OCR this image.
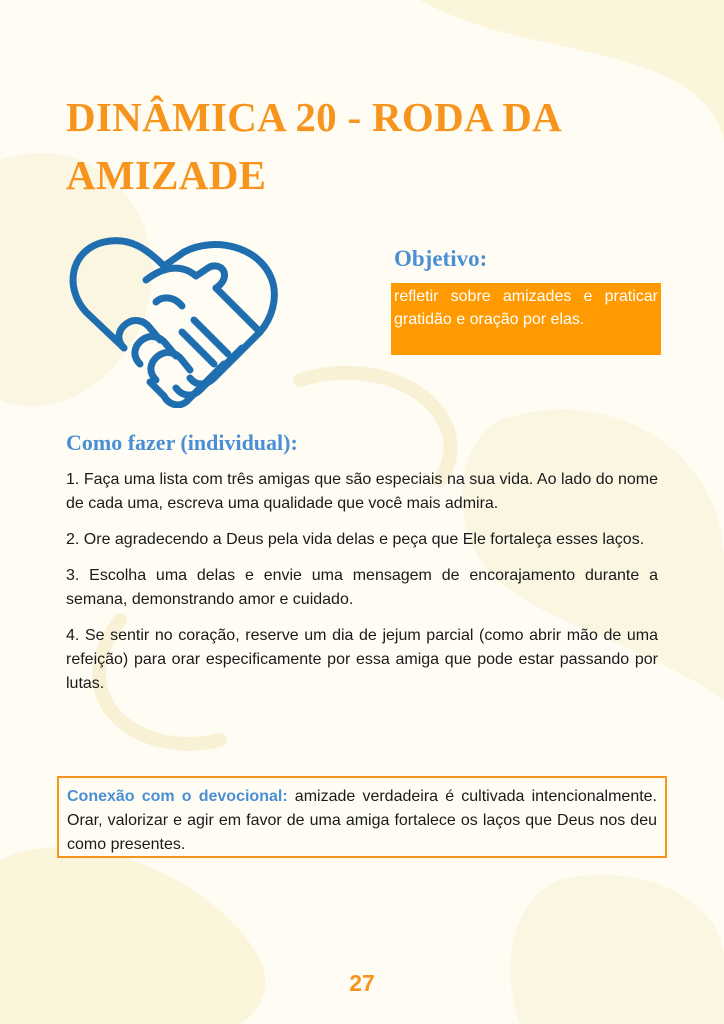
DINÂMICA 20 - RODA DA AMIZADE
Objetivo:
refletir sobre amizades e praticar gratidão e oração por elas.
Como fazer (individual):

1. Faça uma lista com três amigas que são especiais na sua vida. Ao lado do nome de cada uma, escreva uma qualidade que você mais admira.

2. Ore agradecendo a Deus pela vida delas e peça que Ele fortaleça esses laços.

3. Escolha uma delas e envie uma mensagem de encorajamento durante a semana, demonstrando amor e cuidado.

4. Se sentir no coração, reserve um dia de jejum parcial (como abrir mão de uma refeição) para orar especificamente por essa amiga que pode estar passando por lutas.

Conexão com o devocional: amizade verdadeira é cultivada intencionalmente. Orar, valorizar e agir em favor de uma amiga fortalece os laços que Deus nos deu como presentes.
27
